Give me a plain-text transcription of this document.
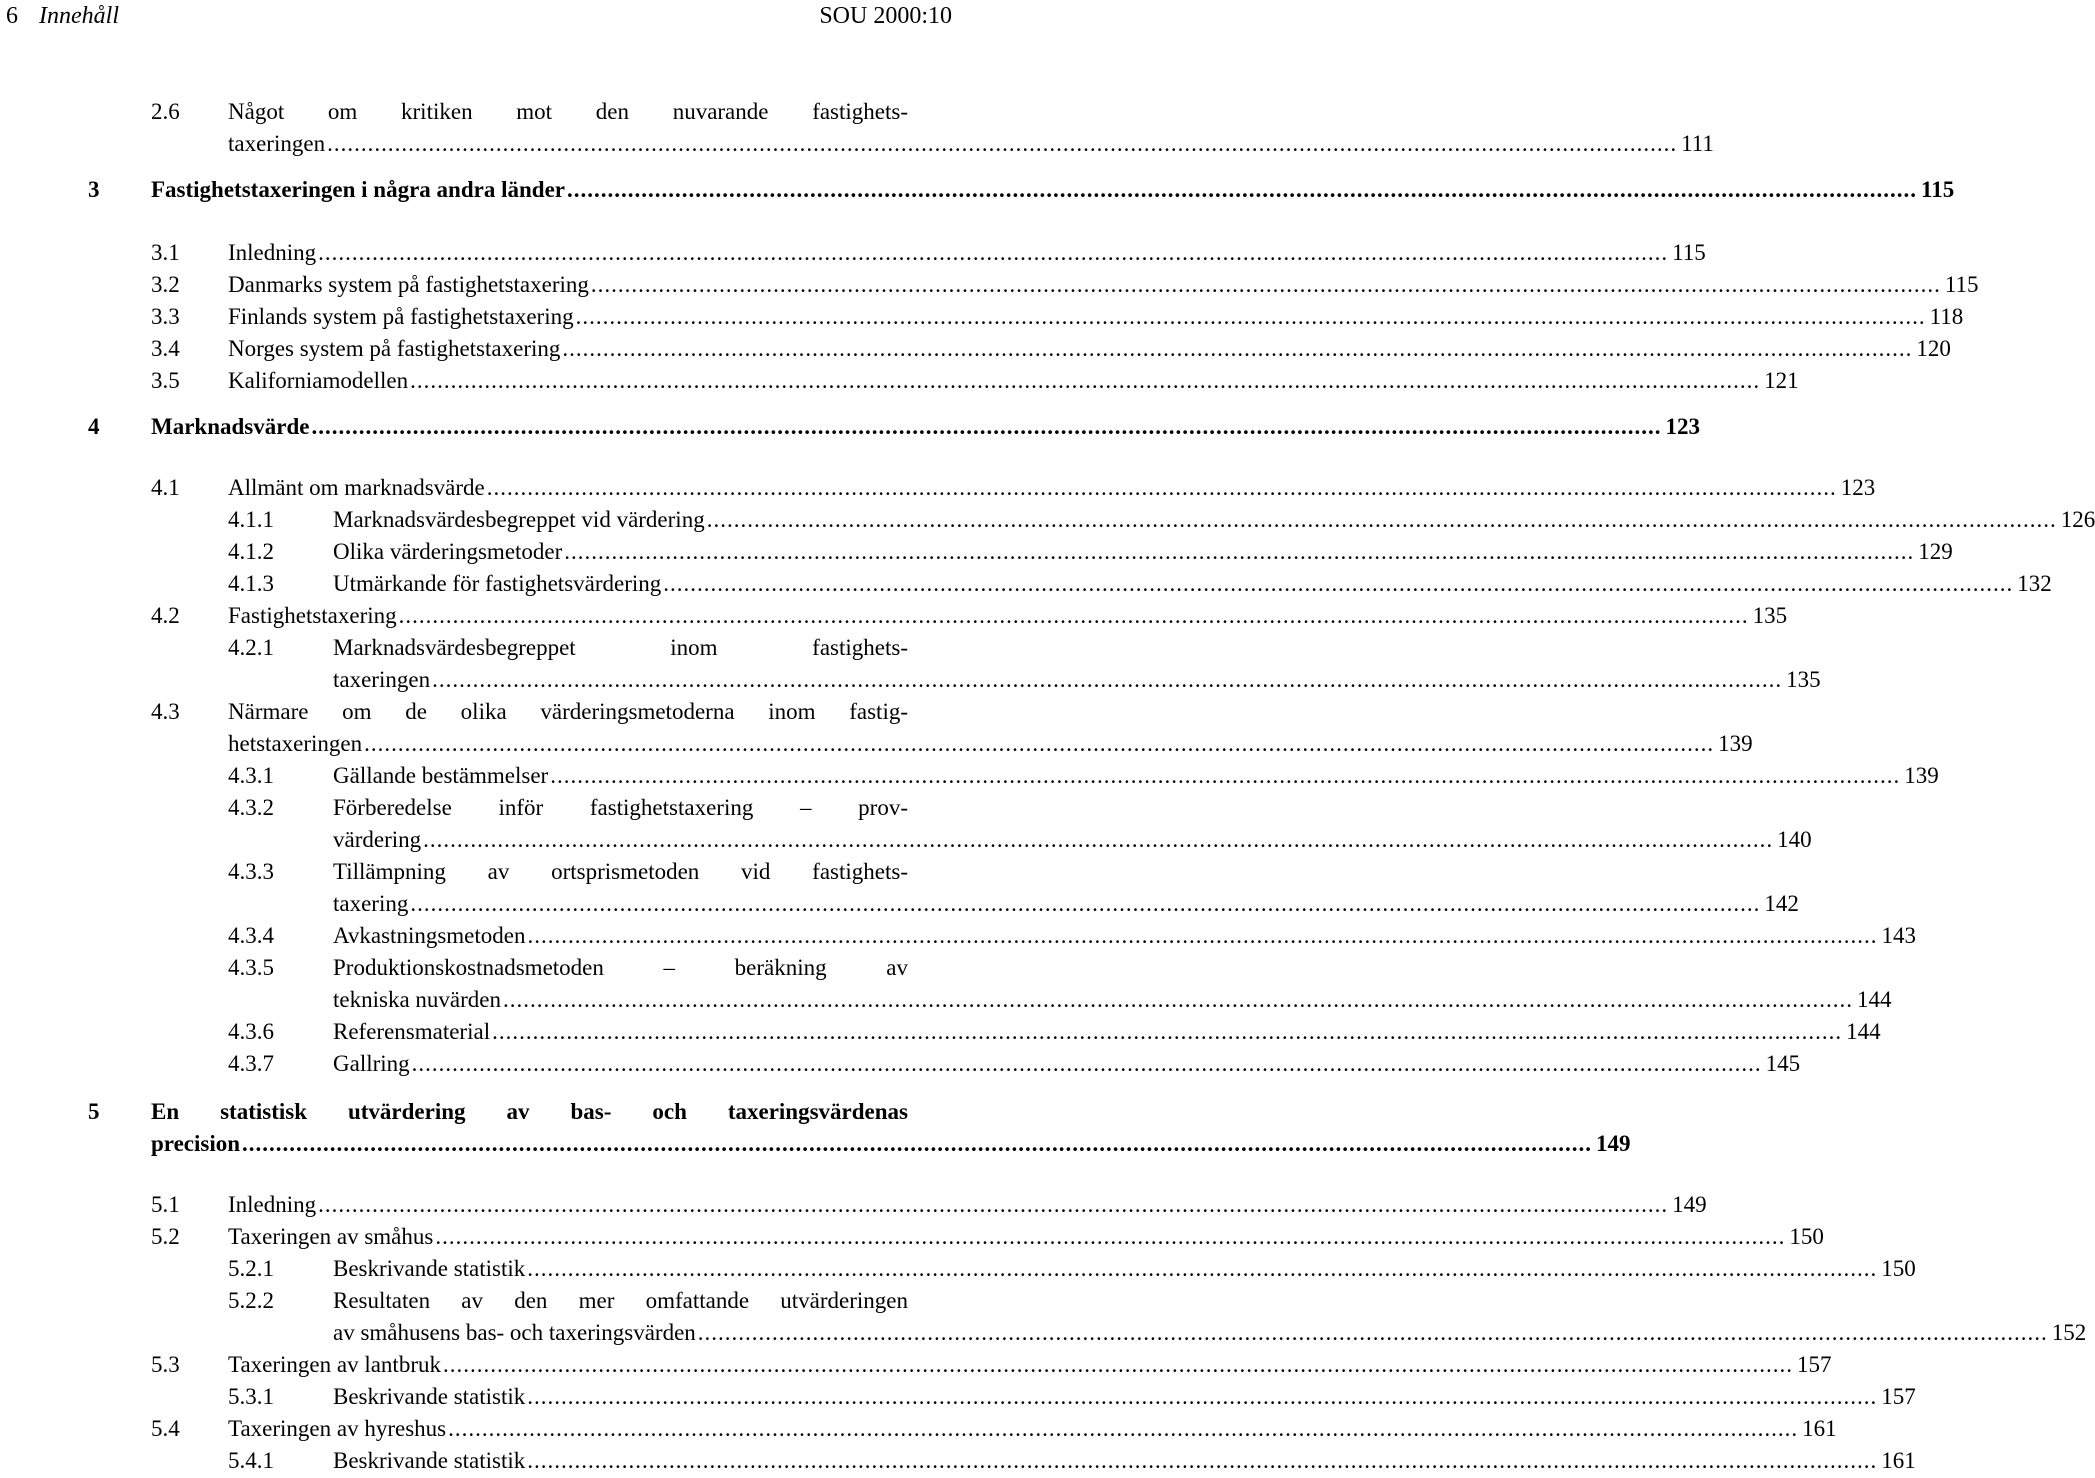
6 Innehåll	SOU 2000:10
2.6 Något om kritiken mot den nuvarande fastighets-
taxeringen ........................................................................................................................................................................................................ 111
3 Fastighetstaxeringen i några andra länder ........................................................................................................................................................................................................ 115
3.1 Inledning ........................................................................................................................................................................................................ 115
3.2 Danmarks system på fastighetstaxering ........................................................................................................................................................................................................ 115
3.3 Finlands system på fastighetstaxering ........................................................................................................................................................................................................ 118
3.4 Norges system på fastighetstaxering ........................................................................................................................................................................................................ 120
3.5 Kaliforniamodellen ........................................................................................................................................................................................................ 121
4 Marknadsvärde ........................................................................................................................................................................................................ 123
4.1 Allmänt om marknadsvärde ........................................................................................................................................................................................................ 123
4.1.1	Marknadsvärdesbegreppet vid värdering ........................................................................................................................................................................................................ 126
4.1.2	Olika värderingsmetoder ........................................................................................................................................................................................................ 129
4.1.3	Utmärkande för fastighetsvärdering ........................................................................................................................................................................................................ 132
4.2 Fastighetstaxering ........................................................................................................................................................................................................ 135
4.2.1	Marknadsvärdesbegreppet inom fastighets-
taxeringen ........................................................................................................................................................................................................ 135
4.3 Närmare om de olika värderingsmetoderna inom fastig-
hetstaxeringen ........................................................................................................................................................................................................ 139
4.3.1	Gällande bestämmelser ........................................................................................................................................................................................................ 139
4.3.2	Förberedelse inför fastighetstaxering – prov-
värdering ........................................................................................................................................................................................................ 140
4.3.3	Tillämpning av ortsprismetoden vid fastighets-
taxering ........................................................................................................................................................................................................ 142
4.3.4	Avkastningsmetoden ........................................................................................................................................................................................................ 143
4.3.5	Produktionskostnadsmetoden – beräkning av
tekniska nuvärden ........................................................................................................................................................................................................ 144
4.3.6	Referensmaterial ........................................................................................................................................................................................................ 144
4.3.7	Gallring ........................................................................................................................................................................................................ 145
5 En statistisk utvärdering av bas- och taxeringsvärdenas
precision ........................................................................................................................................................................................................ 149
5.1 Inledning ........................................................................................................................................................................................................ 149
5.2 Taxeringen av småhus ........................................................................................................................................................................................................ 150
5.2.1	Beskrivande statistik ........................................................................................................................................................................................................ 150
5.2.2	Resultaten av den mer omfattande utvärderingen
av småhusens bas- och taxeringsvärden ........................................................................................................................................................................................................ 152
5.3 Taxeringen av lantbruk ........................................................................................................................................................................................................ 157
5.3.1	Beskrivande statistik ........................................................................................................................................................................................................ 157
5.4 Taxeringen av hyreshus ........................................................................................................................................................................................................ 161
5.4.1	Beskrivande statistik ........................................................................................................................................................................................................ 161
